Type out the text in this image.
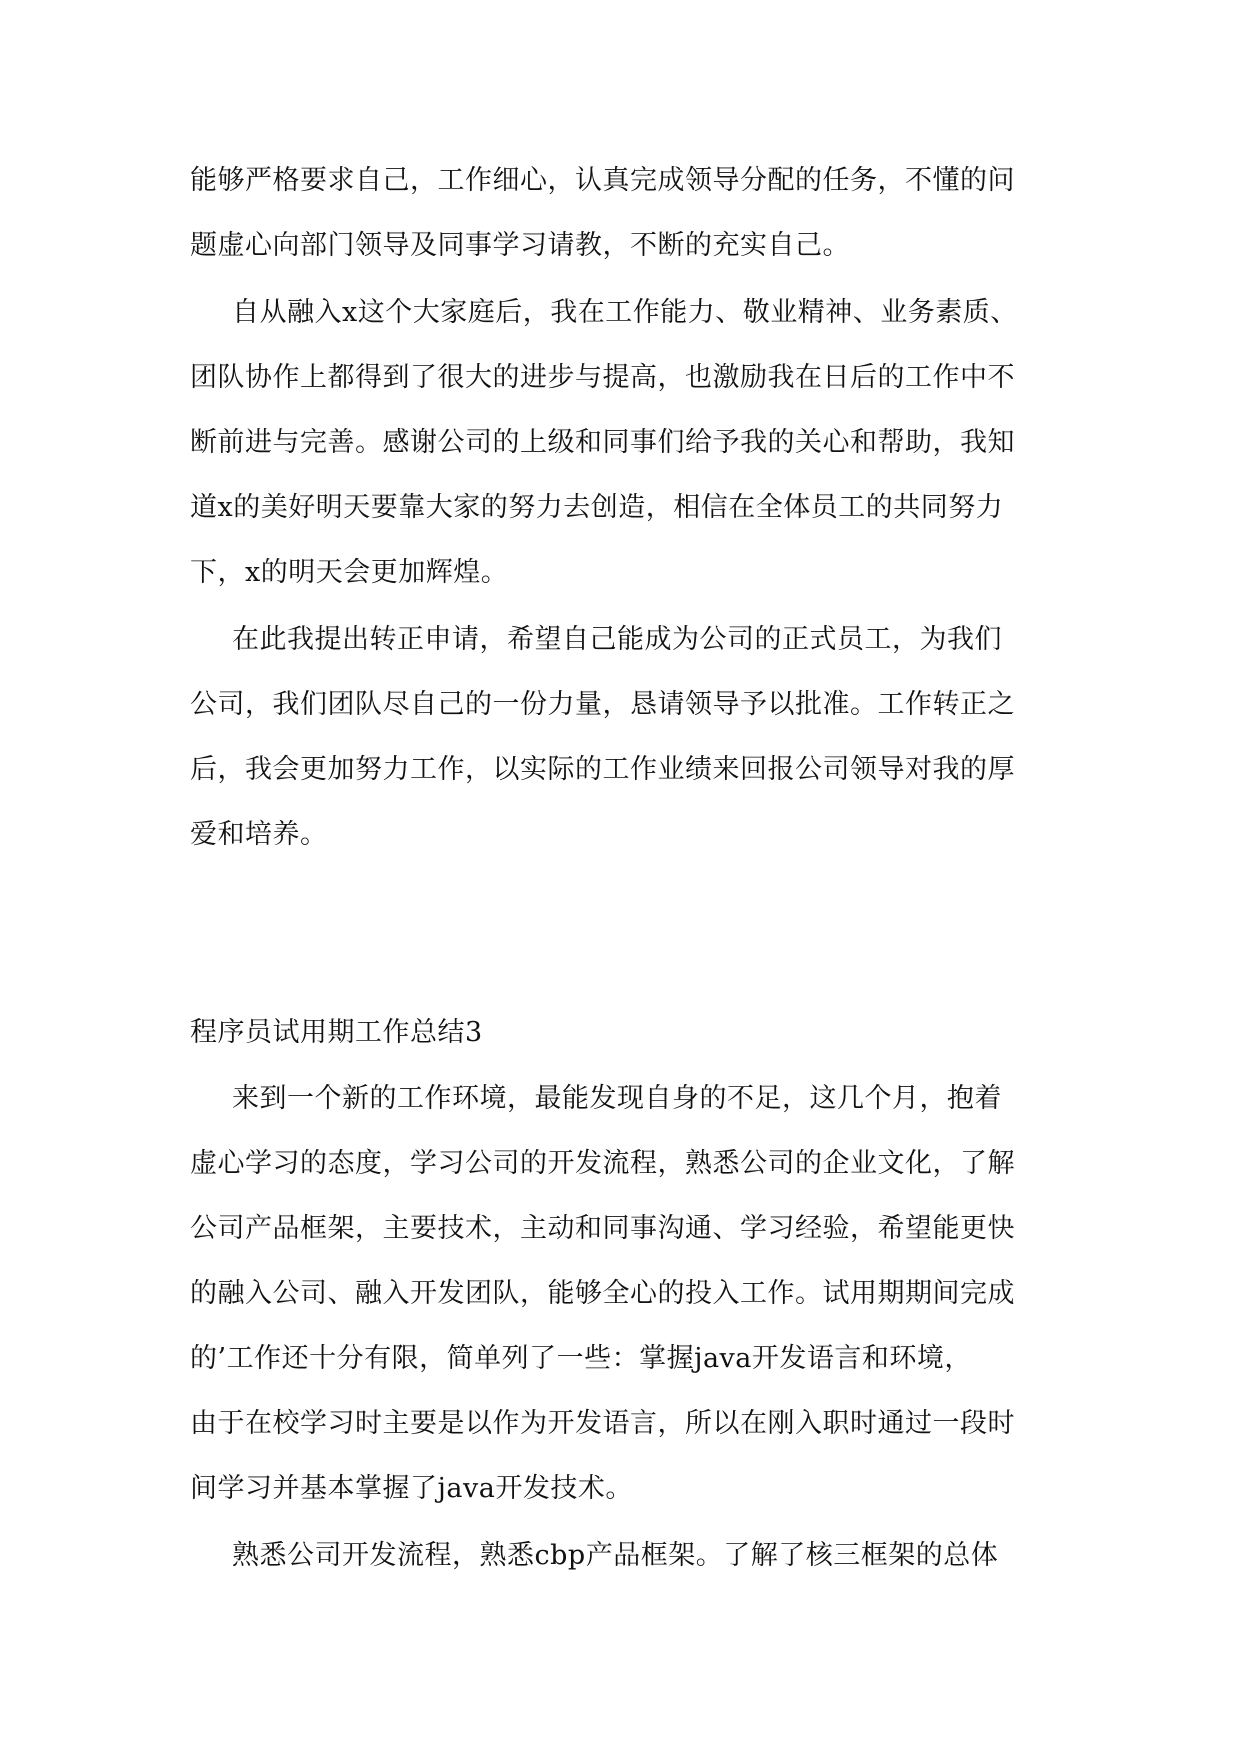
能够严格要求自己，工作细心，认真完成领导分配的任务，不懂的问
题虚心向部门领导及同事学习请教，不断的充实自己。
自从融入x这个大家庭后，我在工作能力、敬业精神、业务素质、
团队协作上都得到了很大的进步与提高，也激励我在日后的工作中不
断前进与完善。感谢公司的上级和同事们给予我的关心和帮助，我知
道x的美好明天要靠大家的努力去创造，相信在全体员工的共同努力
下，x的明天会更加辉煌。
在此我提出转正申请，希望自己能成为公司的正式员工，为我们
公司，我们团队尽自己的一份力量，恳请领导予以批准。工作转正之
后，我会更加努力工作，以实际的工作业绩来回报公司领导对我的厚
爱和培养。
程序员试用期工作总结3
来到一个新的工作环境，最能发现自身的不足，这几个月，抱着
虚心学习的态度，学习公司的开发流程，熟悉公司的企业文化，了解
公司产品框架，主要技术，主动和同事沟通、学习经验，希望能更快
的融入公司、融入开发团队，能够全心的投入工作。试用期期间完成
的’工作还十分有限，简单列了一些：掌握java开发语言和环境，
由于在校学习时主要是以作为开发语言，所以在刚入职时通过一段时
间学习并基本掌握了java开发技术。
熟悉公司开发流程，熟悉cbp产品框架。了解了核三框架的总体
